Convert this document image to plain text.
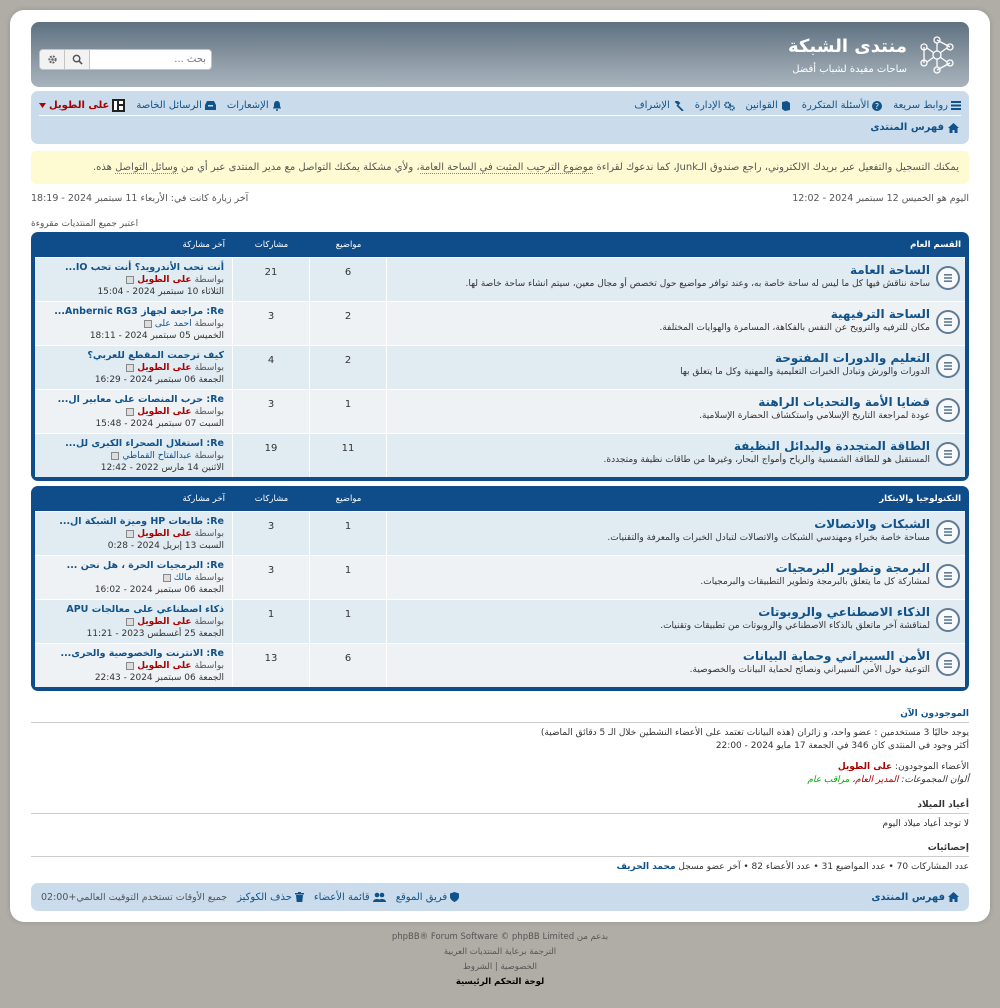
منتدى الشبكة
ساحات مفيدة لشباب أفضل
بحث ...
روابط سريعة
?
الأسئلة المتكررة
القوانين
الإدارة
الإشراف
الإشعارات
الرسائل الخاصة
على الطويل
فهرس المنتدى
يمكنك التسجيل والتفعيل عبر بريدك الالكتروني، راجع صندوق الـJunk، كما ندعوك لقراءة

موضوع الترحيب المثبت في الساحة العامة
، ولأي مشكلة يمكنك التواصل مع مدير المنتدى عبر أي من

وسائل التواصل

هذه.
اليوم هو الخميس 12 سبتمبر 2024 - 12:02
آخر زيارة كانت في: الأربعاء 11 سبتمبر 2024 - 18:19
اعتبر جميع المنتديات مقروءة
القسم العام
مواضيع
مشاركات
آخر مشاركة
الساحة العامة
ساحة نناقش فيها كل ما ليس له ساحة خاصة به، وعند توافر مواضيع حول تخصص أو مجال معين، سيتم انشاء ساحة خاصة لها.
6
21
أنت تحب الأندرويد؟ أنت تحب IO...
بواسطة
على الطويل
الثلاثاء 10 سبتمبر 2024 - 15:04
الساحة الترفيهية
مكان للترفيه والترويح عن النفس بالفكاهة، المسامرة والهوايات المختلفة.
2
3
Re: مراجعة لجهاز Anbernic RG3...
بواسطة
احمد على
الخميس 05 سبتمبر 2024 - 18:11
التعليم والدورات المفتوحة
الدورات والورش وتبادل الخبرات التعليمية والمهنية وكل ما يتعلق بها
2
4
كيف ترجمت المقطع للعربي؟
بواسطة
على الطويل
الجمعة 06 سبتمبر 2024 - 16:29
قضايا الأمة والتحديات الراهنة
عودة لمراجعة التاريخ الإسلامي واستكشاف الحضارة الإسلامية.
1
3
Re: حرب المنصات على معابير ال...
بواسطة
على الطويل
السبت 07 سبتمبر 2024 - 15:48
الطاقة المتجددة والبدائل النظيفة
المستقبل هو للطاقة الشمسية والرياح وأمواج البحار، وغيرها من طاقات نظيفة ومتجددة.
11
19
Re: استغلال الصحراء الكبرى لل...
بواسطة
عبدالفتاح القماطي
الاثنين 14 مارس 2022 - 12:42
التكنولوجيا والابتكار
مواضيع
مشاركات
آخر مشاركة
الشبكات والاتصالات
مساحة خاصة بخبراء ومهندسي الشبكات والاتصالات لتبادل الخبرات والمعرفة والتقنيات.
1
3
Re: طابعات HP وميزة الشبكة ال...
بواسطة
على الطويل
السبت 13 إبريل 2024 - 0:28
البرمجة وتطوير البرمجيات
لمشاركة كل ما يتعلق بالبرمجة وتطوير التطبيقات والبرمجيات.
1
3
Re: البرمجيات الحرة ، هل نحن ...
بواسطة
مالك
الجمعة 06 سبتمبر 2024 - 16:02
الذكاء الاصطناعي والروبوتات
لمناقشة آخر ماتعلق بالذكاء الاصطناعي والروبوتات من تطبيقات وتقنيات.
1
1
ذكاء اصطناعي على معالجات APU
بواسطة
على الطويل
الجمعة 25 أغسطس 2023 - 11:21
الأمن السيبراني وحماية البيانات
التوعية حول الأمن السيبراني ونصائح لحماية البيانات والخصوصية.
6
13
Re: الانترنت والخصوصية والحرى...
بواسطة
على الطويل
الجمعة 06 سبتمبر 2024 - 22:43
الموجودون الآن

يوجد حاليًا 3 مستخدمين : عضو واحد، و زائران (هذه البيانات تعتمد على الأعضاء النشطين خلال الـ 5 دقائق الماضية)

أكثر وجود في المنتدى كان 346 في الجمعة 17 مايو 2024 - 22:00

الأعضاء الموجودون: على الطويل

ألوان المجموعات: المدير العام، مراقب عام

أعياد الميلاد

لا توجد أعياد ميلاد اليوم

إحصائيات

عدد المشاركات 70 • عدد المواضيع 31 • عدد الأعضاء 82 • آخر عضو مسجل محمد الحريف

فهرس المنتدى
فريق الموقع
قائمة الأعضاء
حذف الكوكيز
جميع الأوقات تستخدم التوقيت العالمي+02:00
بدعم من phpBB® Forum Software © phpBB Limited
الترجمة برعاية المنتديات العربية
الخصوصية | الشروط
لوحة التحكم الرئيسية
